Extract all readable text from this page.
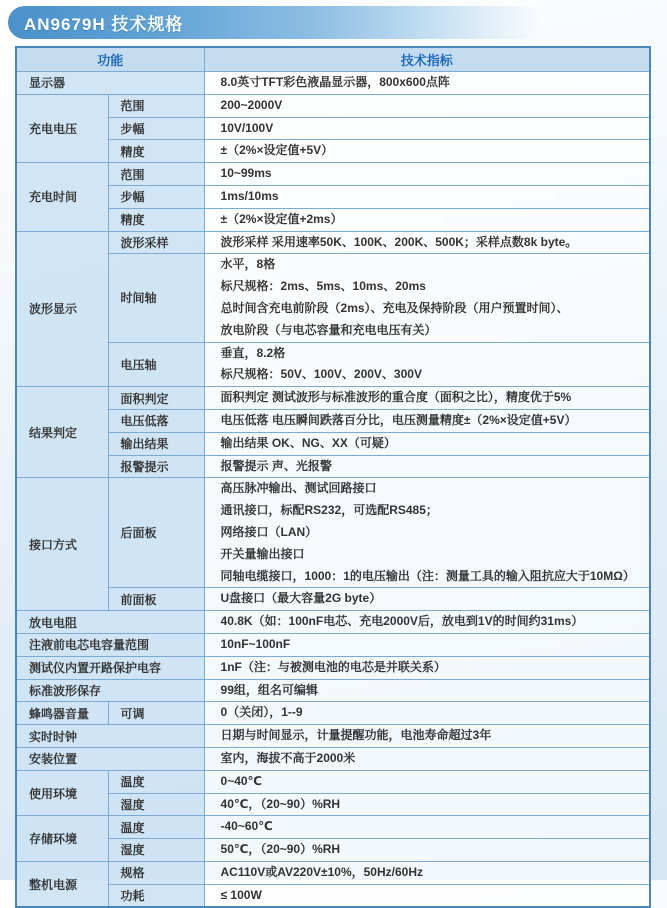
AN9679H 技术规格
功能		技术指标
显示器		8.0英寸TFT彩色液晶显示器，800x600点阵

充电电压	范围	200~2000V

	步幅	10V/100V

	精度	±（2%×设定值+5V）

充电时间	范围	10~99ms

	步幅	1ms/10ms

	精度	±（2%×设定值+2ms）

波形显示	波形采样	波形采样 采用速率50K、100K、200K、500K；采样点数8k byte。

	时间轴	水平，8格
标尺规格：2ms、5ms、10ms、20ms
总时间含充电前阶段（2ms）、充电及保持阶段（用户预置时间）、
放电阶段（与电芯容量和充电电压有关）

	电压轴	垂直，8.2格
标尺规格：50V、100V、200V、300V

结果判定	面积判定	面积判定 测试波形与标准波形的重合度（面积之比），精度优于5%

	电压低落	电压低落 电压瞬间跌落百分比，电压测量精度±（2%×设定值+5V）

	输出结果	输出结果 OK、NG、XX（可疑）

	报警提示	报警提示 声、光报警

接口方式	后面板	高压脉冲输出、测试回路接口
通讯接口，标配RS232，可选配RS485；
网络接口（LAN）
开关量输出接口
同轴电缆接口，1000：1的电压输出（注：测量工具的输入阻抗应大于10MΩ）

	前面板	U盘接口（最大容量2G byte）

放电电阻		40.8K（如：100nF电芯、充电2000V后，放电到1V的时间约31ms）

注液前电芯电容量范围		10nF~100nF

测试仪内置开路保护电容		1nF（注：与被测电池的电芯是并联关系）

标准波形保存		99组，组名可编辑

蜂鸣器音量	可调	0（关闭），1--9

实时时钟		日期与时间显示，计量提醒功能，电池寿命超过3年

安装位置		室内，海拔不高于2000米

使用环境	温度	0~40℃

	湿度	40℃，（20~90）%RH

存储环境	温度	-40~60℃

	湿度	50℃，（20~90）%RH

整机电源	规格	AC110V或AV220V±10%，50Hz/60Hz

	功耗	≤ 100W
